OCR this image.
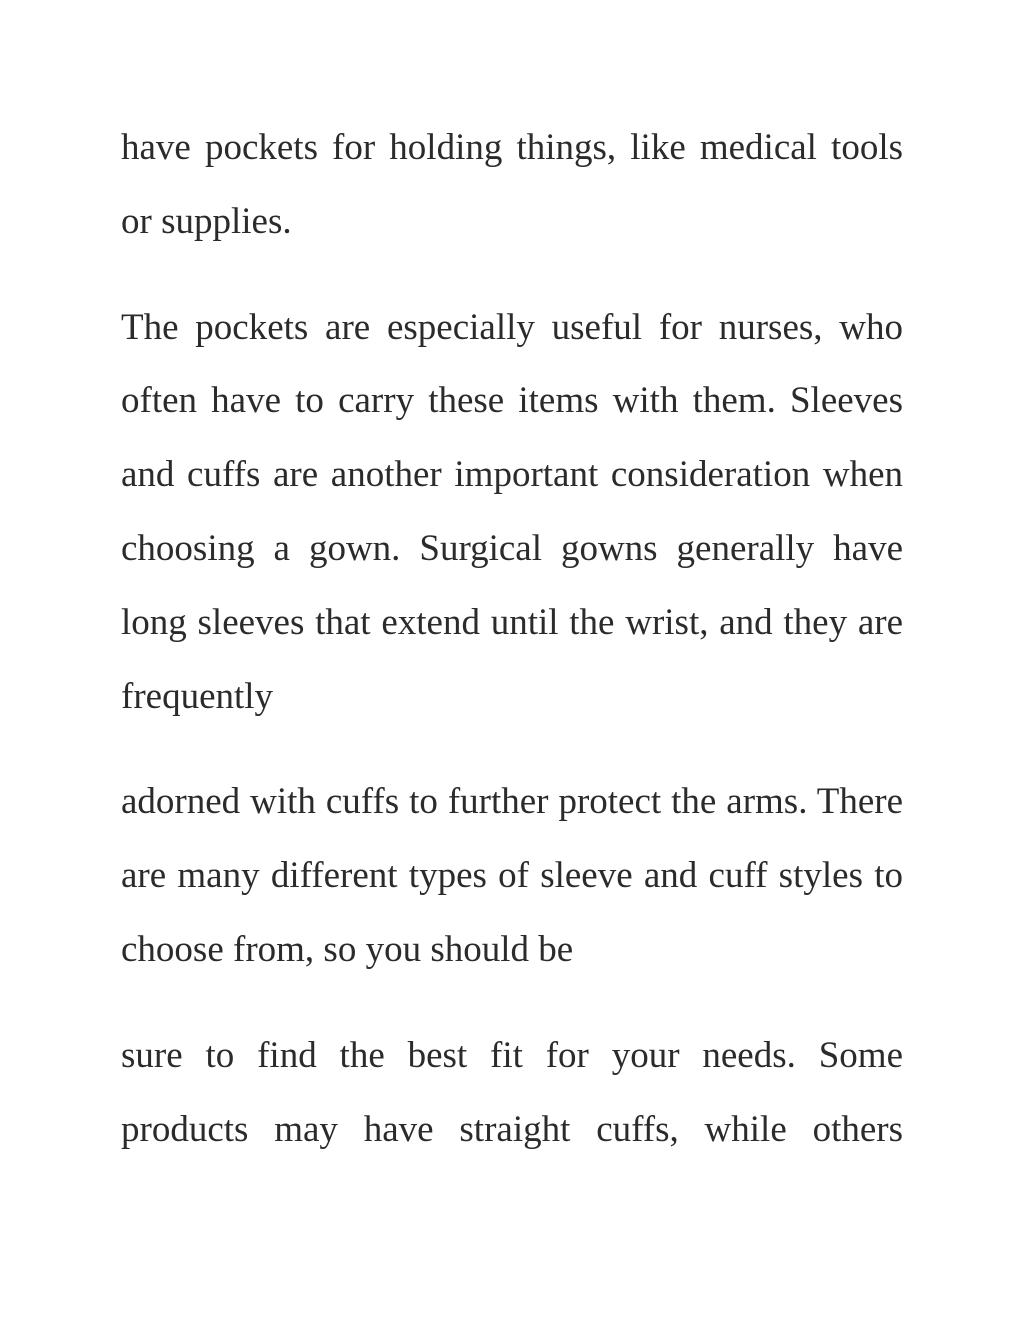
have pockets for holding things, like medical tools or supplies.

The pockets are especially useful for nurses, who often have to carry these items with them. Sleeves and cuffs are another important consideration when choosing a gown. Surgical gowns generally have long sleeves that extend until the wrist, and they are frequently

adorned with cuffs to further protect the arms. There are many different types of sleeve and cuff styles to choose from, so you should be

sure to find the best fit for your needs. Some products may have straight cuffs, while others
